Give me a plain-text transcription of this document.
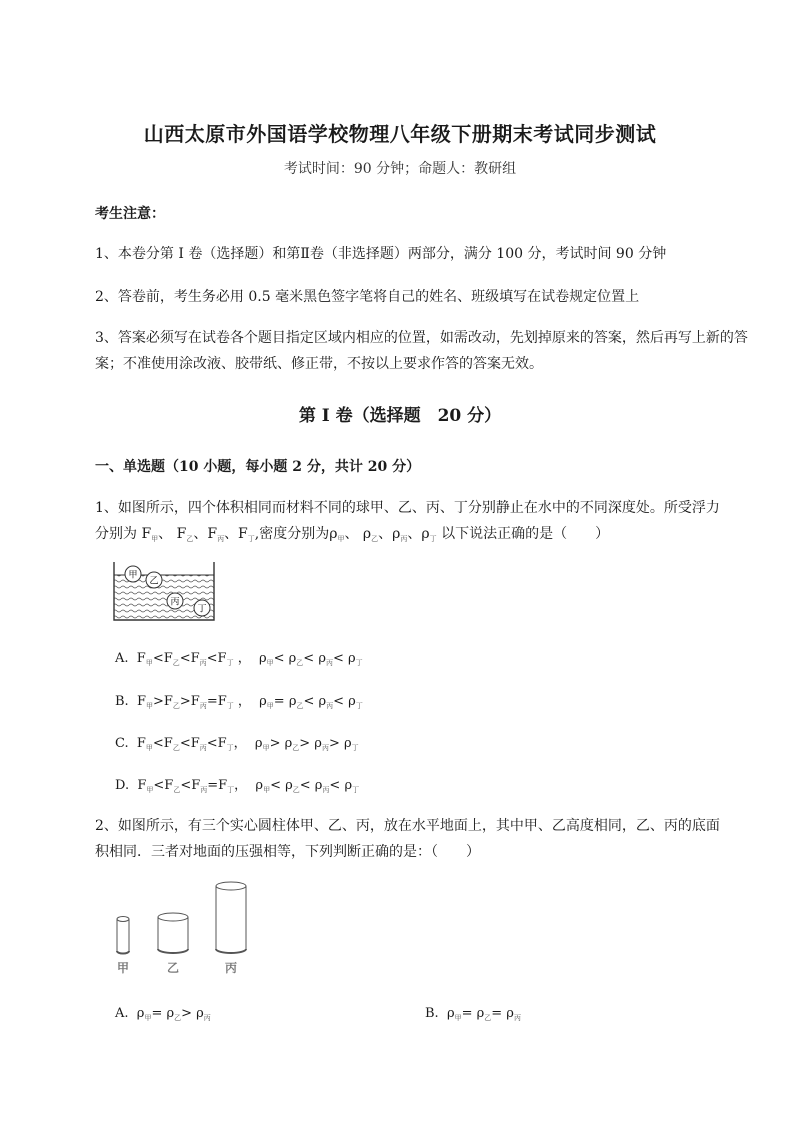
山西太原市外国语学校物理八年级下册期末考试同步测试
考试时间：90 分钟；命题人：教研组
考生注意：
1、本卷分第 I 卷（选择题）和第Ⅱ卷（非选择题）两部分，满分 100 分，考试时间 90 分钟
2、答卷前，考生务必用 0.5 毫米黑色签字笔将自己的姓名、班级填写在试卷规定位置上
3、答案必须写在试卷各个题目指定区域内相应的位置，如需改动，先划掉原来的答案，然后再写上新的答案；不准使用涂改液、胶带纸、修正带，不按以上要求作答的答案无效。
第 I 卷（选择题　20 分）
一、单选题（10 小题，每小题 2 分，共计 20 分）
1、如图所示，四个体积相同而材料不同的球甲、乙、丙、丁分别静止在水中的不同深度处。所受浮力
分别为 $F_甲$、 $F_乙$、$F_丙$、$F_丁$,密度分别为$\rho_甲$、 $\rho_乙$、$\rho_丙$、$\rho_丁$ 以下说法正确的是（　　）
甲
乙
丙
丁
A.  $F_甲<F_乙<F_丙<F_丁$ ，  $\rho_甲< \rho_乙< \rho_丙< \rho_丁$
B.  $F_甲>F_乙>F_丙=F_丁$ ，  $\rho_甲= \rho_乙< \rho_丙< \rho_丁$
C.  $F_甲<F_乙<F_丙<F_丁$，  $\rho_甲> \rho_乙> \rho_丙> \rho_丁$
D.  $F_甲<F_乙<F_丙=F_丁$，  $\rho_甲< \rho_乙< \rho_丙< \rho_丁$
2、如图所示，有三个实心圆柱体甲、乙、丙，放在水平地面上，其中甲、乙高度相同，乙、丙的底面
积相同．三者对地面的压强相等，下列判断正确的是：（　　）
甲	乙	丙
A.  $\rho_甲= \rho_乙> \rho_丙$	B.  $\rho_甲= \rho_乙= \rho_丙$
